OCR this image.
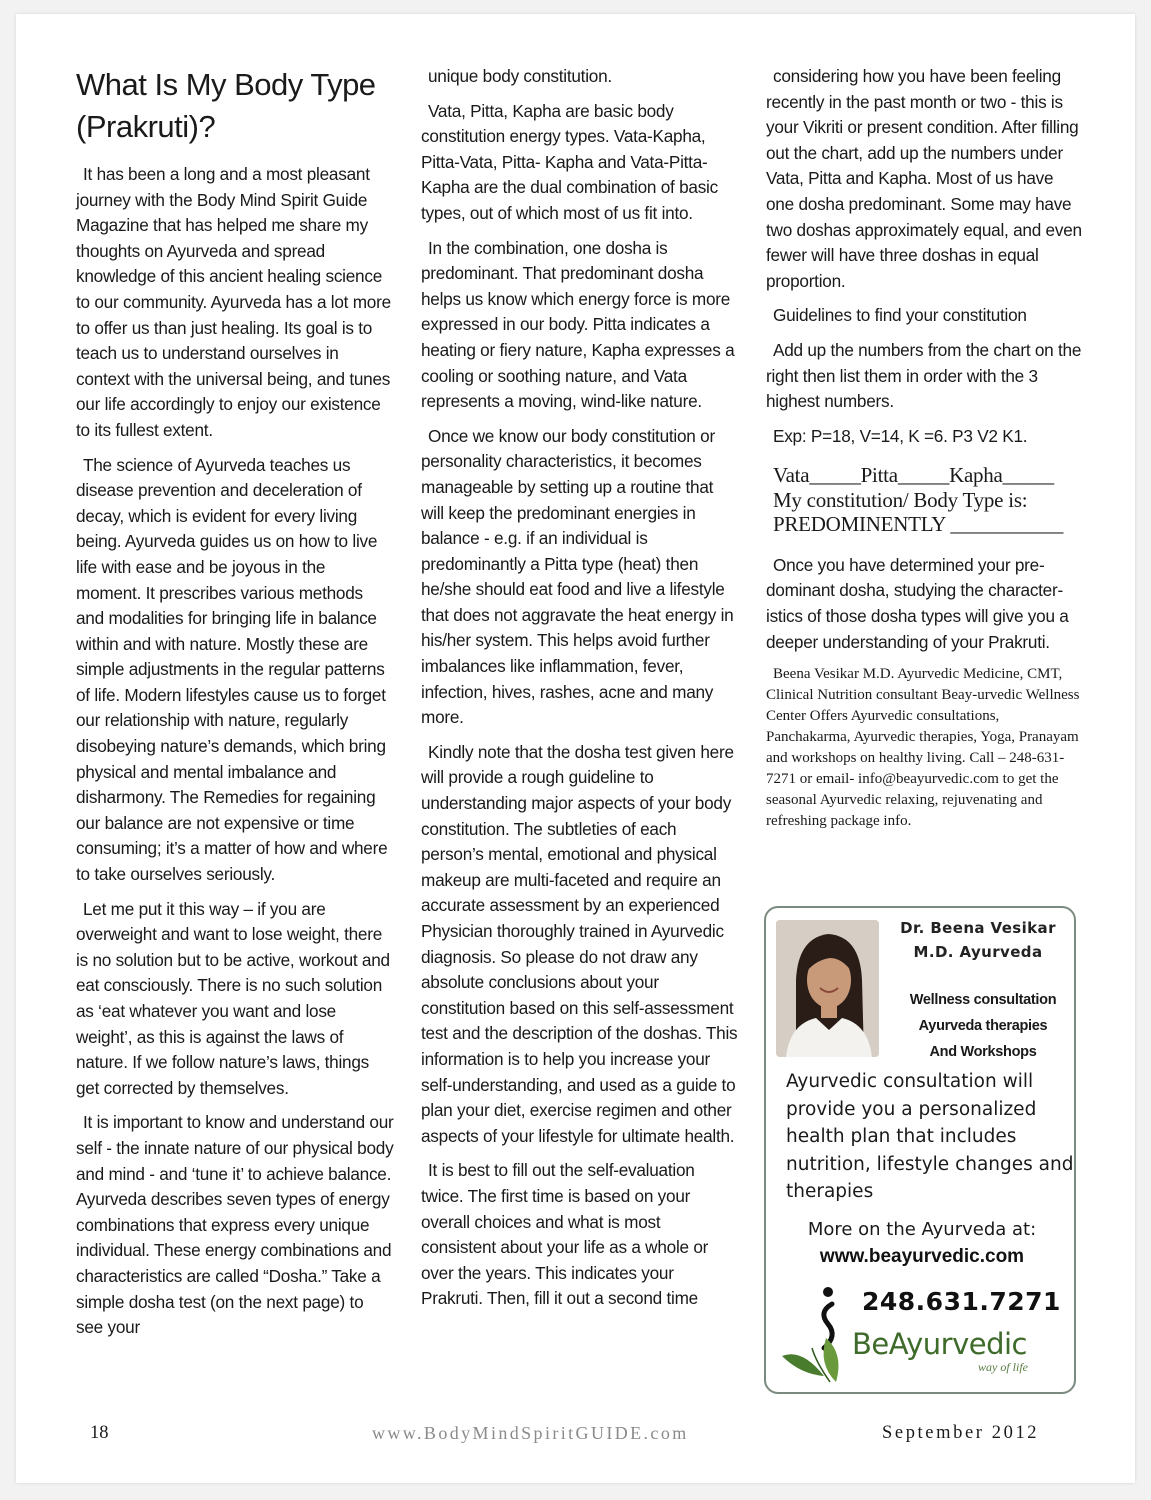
What Is My Body Type
(Prakruti)?

It has been a long and a most pleasant journey with the Body Mind Spirit Guide Magazine that has helped me share my thoughts on Ayurveda and spread knowledge of this ancient healing science to our community. Ayurveda has a lot more to offer us than just healing. Its goal is to teach us to understand ourselves in context with the universal being, and tunes our life accordingly to enjoy our existence to its fullest extent.

The science of Ayurveda teaches us disease prevention and deceleration of decay, which is evident for every living being. Ayurveda guides us on how to live life with ease and be joyous in the moment. It prescribes various methods and modalities for bringing life in balance within and with nature. Mostly these are simple adjustments in the regular patterns of life. Modern lifestyles cause us to forget our relationship with nature, regularly disobeying nature’s demands, which bring physical and mental imbalance and disharmony. The Remedies for regaining our balance are not expensive or time consuming; it’s a matter of how and where to take ourselves seriously.

Let me put it this way – if you are overweight and want to lose weight, there is no solution but to be active, workout and eat consciously. There is no such solution as ‘eat whatever you want and lose weight’, as this is against the laws of nature. If we follow nature’s laws, things get corrected by themselves.

It is important to know and understand our self - the innate nature of our physical body and mind - and ‘tune it’ to achieve balance. Ayurveda describes seven types of energy combinations that express every unique individual. These energy combinations and characteristics are called “Dosha.” Take a simple dosha test (on the next page) to see your

unique body constitution.

Vata, Pitta, Kapha are basic body constitution energy types. Vata-Kapha, Pitta-Vata, Pitta- Kapha and Vata-Pitta-Kapha are the dual combination of basic types, out of which most of us fit into.

In the combination, one dosha is predominant. That predominant dosha helps us know which energy force is more expressed in our body. Pitta indicates a heating or fiery nature, Kapha expresses a cooling or soothing nature, and Vata represents a moving, wind-like nature.

Once we know our body constitution or personality characteristics, it becomes manageable by setting up a routine that will keep the predominant energies in balance - e.g. if an individual is predominantly a Pitta type (heat) then he/she should eat food and live a lifestyle that does not aggravate the heat energy in his/her system. This helps avoid further imbalances like inflammation, fever, infection, hives, rashes, acne and many more.

Kindly note that the dosha test given here will provide a rough guideline to understanding major aspects of your body constitution. The subtleties of each person’s mental, emotional and physical makeup are multi-faceted and require an accurate assessment by an experienced Physician thoroughly trained in Ayurvedic diagnosis. So please do not draw any absolute conclusions about your constitution based on this self-assessment test and the description of the doshas. This information is to help you increase your self-understanding, and used as a guide to plan your diet, exercise regimen and other aspects of your lifestyle for ultimate health.

It is best to fill out the self-evaluation twice. The first time is based on your overall choices and what is most consistent about your life as a whole or over the years. This indicates your Prakruti. Then, fill it out a second time

considering how you have been feeling recently in the past month or two - this is your Vikriti or present condition. After filling out the chart, add up the numbers under Vata, Pitta and Kapha. Most of us have one dosha predominant. Some may have two doshas approximately equal, and even fewer will have three doshas in equal proportion.

Guidelines to find your constitution

Add up the numbers from the chart on the right then list them in order with the 3 highest numbers.

Exp: P=18, V=14, K =6. P3 V2 K1.

Vata_____Pitta_____Kapha_____
My constitution/ Body Type is:
PREDOMINENTLY ___________

Once you have determined your pre-dominant dosha, studying the character-istics of those dosha types will give you a deeper understanding of your Prakruti.

Beena Vesikar M.D. Ayurvedic Medicine, CMT, Clinical Nutrition consultant Beay-urvedic Wellness Center Offers Ayurvedic consultations, Panchakarma, Ayurvedic therapies, Yoga, Pranayam and workshops on healthy living. Call – 248-631-7271 or email- info@beayurvedic.com to get the seasonal Ayurvedic relaxing, rejuvenating and refreshing package info.

Dr. Beena Vesikar
M.D. Ayurveda
Wellness consultation
Ayurveda therapies
And Workshops
Ayurvedic consultation will provide you a personalized health plan that includes nutrition, lifestyle changes and therapies
More on the Ayurveda at:
www.beayurvedic.com
248.631.7271
BeAyurvedic
way of life
18	www.BodyMindSpiritGUIDE.com	September 2012
